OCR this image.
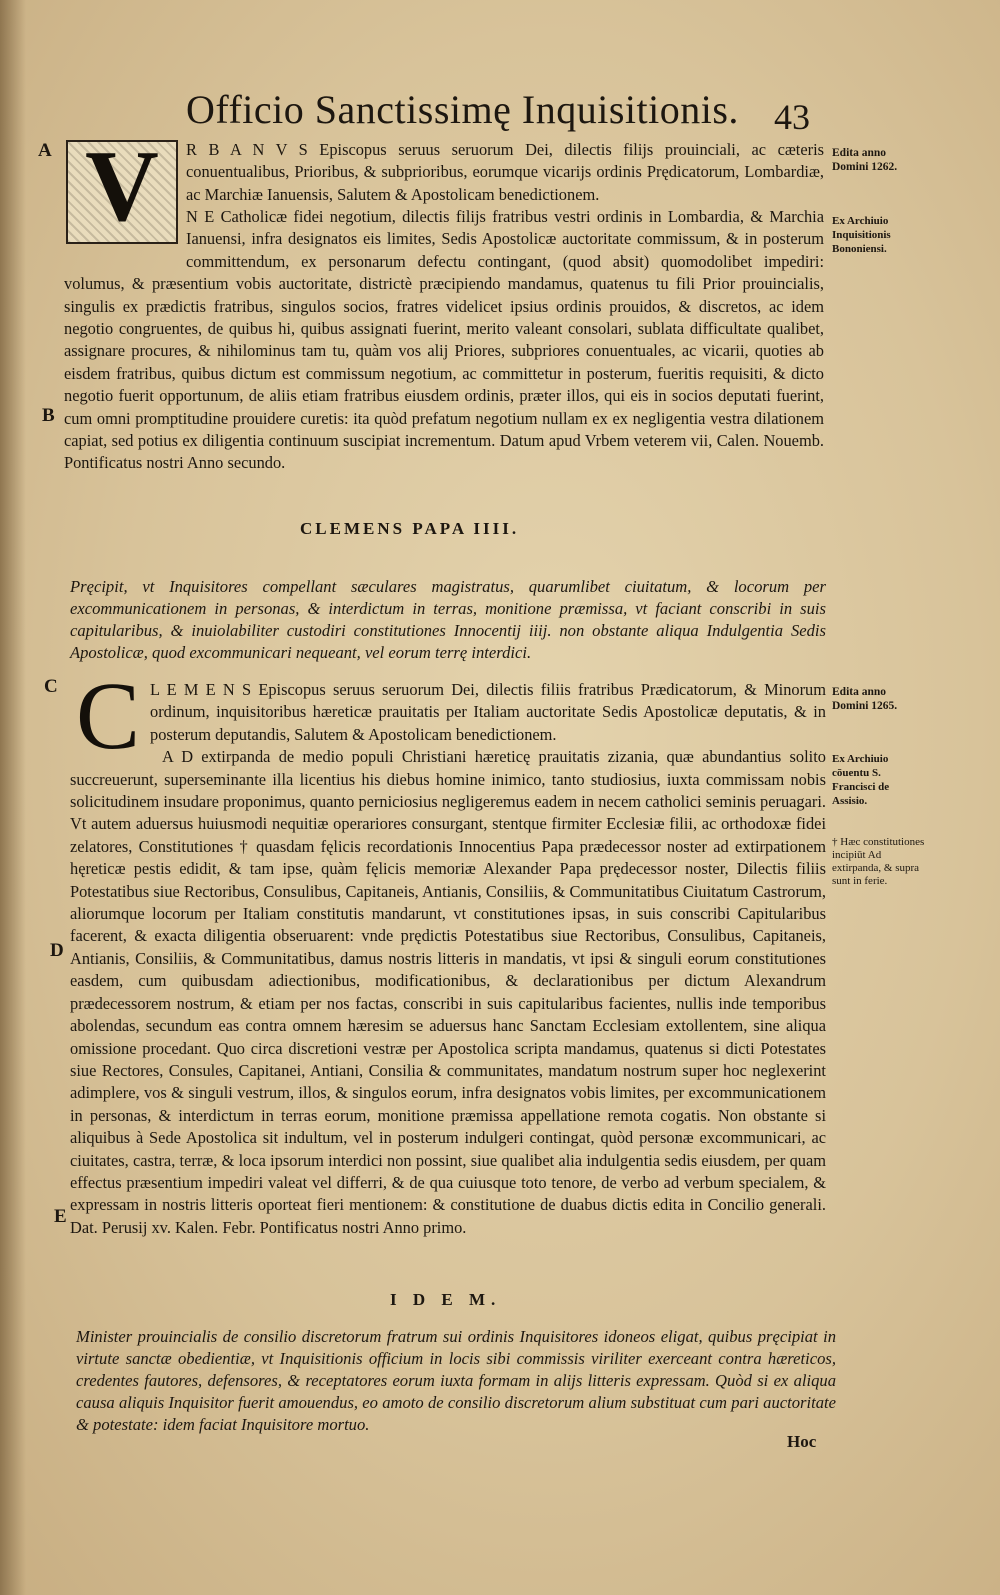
Officio Sanctissimę Inquisitionis. 43
A
B
C
D
E
V	R B A N V S Episcopus seruus seruorum Dei, dilectis filijs prouinciali, ac cæteris conuentualibus, Prioribus, & subprioribus, eorumque vicarijs ordinis Prędicatorum, Lombardiæ, ac Marchiæ Ianuensis, Salutem & Apostolicam benedictionem.
N E Catholicæ fidei negotium, dilectis filijs fratribus vestri ordinis in Lombardia, & Marchia Ianuensi, infra designatos eis limites, Sedis Apostolicæ auctoritate commissum, & in posterum committendum, ex personarum defectu contingant, (quod absit) quomodolibet impediri: volumus, & præsentium vobis auctoritate, districtè præcipiendo mandamus, quatenus tu fili Prior prouincialis, singulis ex prædictis fratribus, singulos socios, fratres videlicet ipsius ordinis prouidos, & discretos, ac idem negotio congruentes, de quibus hi, quibus assignati fuerint, merito valeant consolari, sublata difficultate qualibet, assignare procures, & nihilominus tam tu, quàm vos alij Priores, subpriores conuentuales, ac vicarii, quoties ab eisdem fratribus, quibus dictum est commissum negotium, ac committetur in posterum, fueritis requisiti, & dicto negotio fuerit opportunum, de aliis etiam fratribus eiusdem ordinis, præter illos, qui eis in socios deputati fuerint, cum omni promptitudine prouidere curetis: ita quòd prefatum negotium nullam ex ex negligentia vestra dilationem capiat, sed potius ex diligentia continuum suscipiat incrementum. Datum apud Vrbem veterem vii, Calen. Nouemb. Pontificatus nostri Anno secundo.
Edita anno Domini 1262.
Ex Archiuio Inquisitionis Bononiensi.
CLEMENS PAPA IIII.
Pręcipit, vt Inquisitores compellant sæculares magistratus, quarumlibet ciuitatum, & locorum per excommunicationem in personas, & interdictum in terras, monitione præmissa, vt faciant conscribi in suis capitularibus, & inuiolabiliter custodiri constitutiones Innocentij iiij. non obstante aliqua Indulgentia Sedis Apostolicæ, quod excommunicari nequeant, vel eorum terrę interdici.
C L E M E N S Episcopus seruus seruorum Dei, dilectis filiis fratribus Prædicatorum, & Minorum ordinum, inquisitoribus hæreticæ prauitatis per Italiam auctoritate Sedis Apostolicæ deputatis, & in posterum deputandis, Salutem & Apostolicam benedictionem.
A D extirpanda de medio populi Christiani hæreticę prauitatis zizania, quæ abundantius solito succreuerunt, superseminante illa licentius his diebus homine inimico, tanto studiosius, iuxta commissam nobis solicitudinem insudare proponimus, quanto perniciosius negligeremus eadem in necem catholici seminis peruagari. Vt autem aduersus huiusmodi nequitiæ operariores consurgant, stentque firmiter Ecclesiæ filii, ac orthodoxæ fidei zelatores, Constitutiones † quasdam fęlicis recordationis Innocentius Papa prædecessor noster ad extirpationem hęreticæ pestis edidit, & tam ipse, quàm fęlicis memoriæ Alexander Papa prędecessor noster, Dilectis filiis Potestatibus siue Rectoribus, Consulibus, Capitaneis, Antianis, Consiliis, & Communitatibus Ciuitatum Castrorum, aliorumque locorum per Italiam constitutis mandarunt, vt constitutiones ipsas, in suis conscribi Capitularibus facerent, & exacta diligentia obseruarent: vnde prędictis Potestatibus siue Rectoribus, Consulibus, Capitaneis, Antianis, Consiliis, & Communitatibus, damus nostris litteris in mandatis, vt ipsi & singuli eorum constitutiones easdem, cum quibusdam adiectionibus, modificationibus, & declarationibus per dictum Alexandrum prædecessorem nostrum, & etiam per nos factas, conscribi in suis capitularibus facientes, nullis inde temporibus abolendas, secundum eas contra omnem hæresim se aduersus hanc Sanctam Ecclesiam extollentem, sine aliqua omissione procedant. Quo circa discretioni vestræ per Apostolica scripta mandamus, quatenus si dicti Potestates siue Rectores, Consules, Capitanei, Antiani, Consilia & communitates, mandatum nostrum super hoc neglexerint adimplere, vos & singuli vestrum, illos, & singulos eorum, infra designatos vobis limites, per excommunicationem in personas, & interdictum in terras eorum, monitione præmissa appellatione remota cogatis. Non obstante si aliquibus à Sede Apostolica sit indultum, vel in posterum indulgeri contingat, quòd personæ excommunicari, ac ciuitates, castra, terræ, & loca ipsorum interdici non possint, siue qualibet alia indulgentia sedis eiusdem, per quam effectus præsentium impediri valeat vel differri, & de qua cuiusque toto tenore, de verbo ad verbum specialem, & expressam in nostris litteris oporteat fieri mentionem: & constitutione de duabus dictis edita in Concilio generali. Dat. Perusij xv. Kalen. Febr. Pontificatus nostri Anno primo.
Edita anno Domini 1265.
Ex Archiuio cōuentu S. Francisci de Assisio.
† Hæc constitutiones incipiūt Ad extirpanda, & supra sunt in ferie.
I D E M.
Minister prouincialis de consilio discretorum fratrum sui ordinis Inquisitores idoneos eligat, quibus pręcipiat in virtute sanctæ obedientiæ, vt Inquisitionis officium in locis sibi commissis viriliter exerceant contra hæreticos, credentes fautores, defensores, & receptatores eorum iuxta formam in alijs litteris expressam. Quòd si ex aliqua causa aliquis Inquisitor fuerit amouendus, eo amoto de consilio discretorum alium substituat cum pari auctoritate & potestate: idem faciat Inquisitore mortuo.
Hoc
